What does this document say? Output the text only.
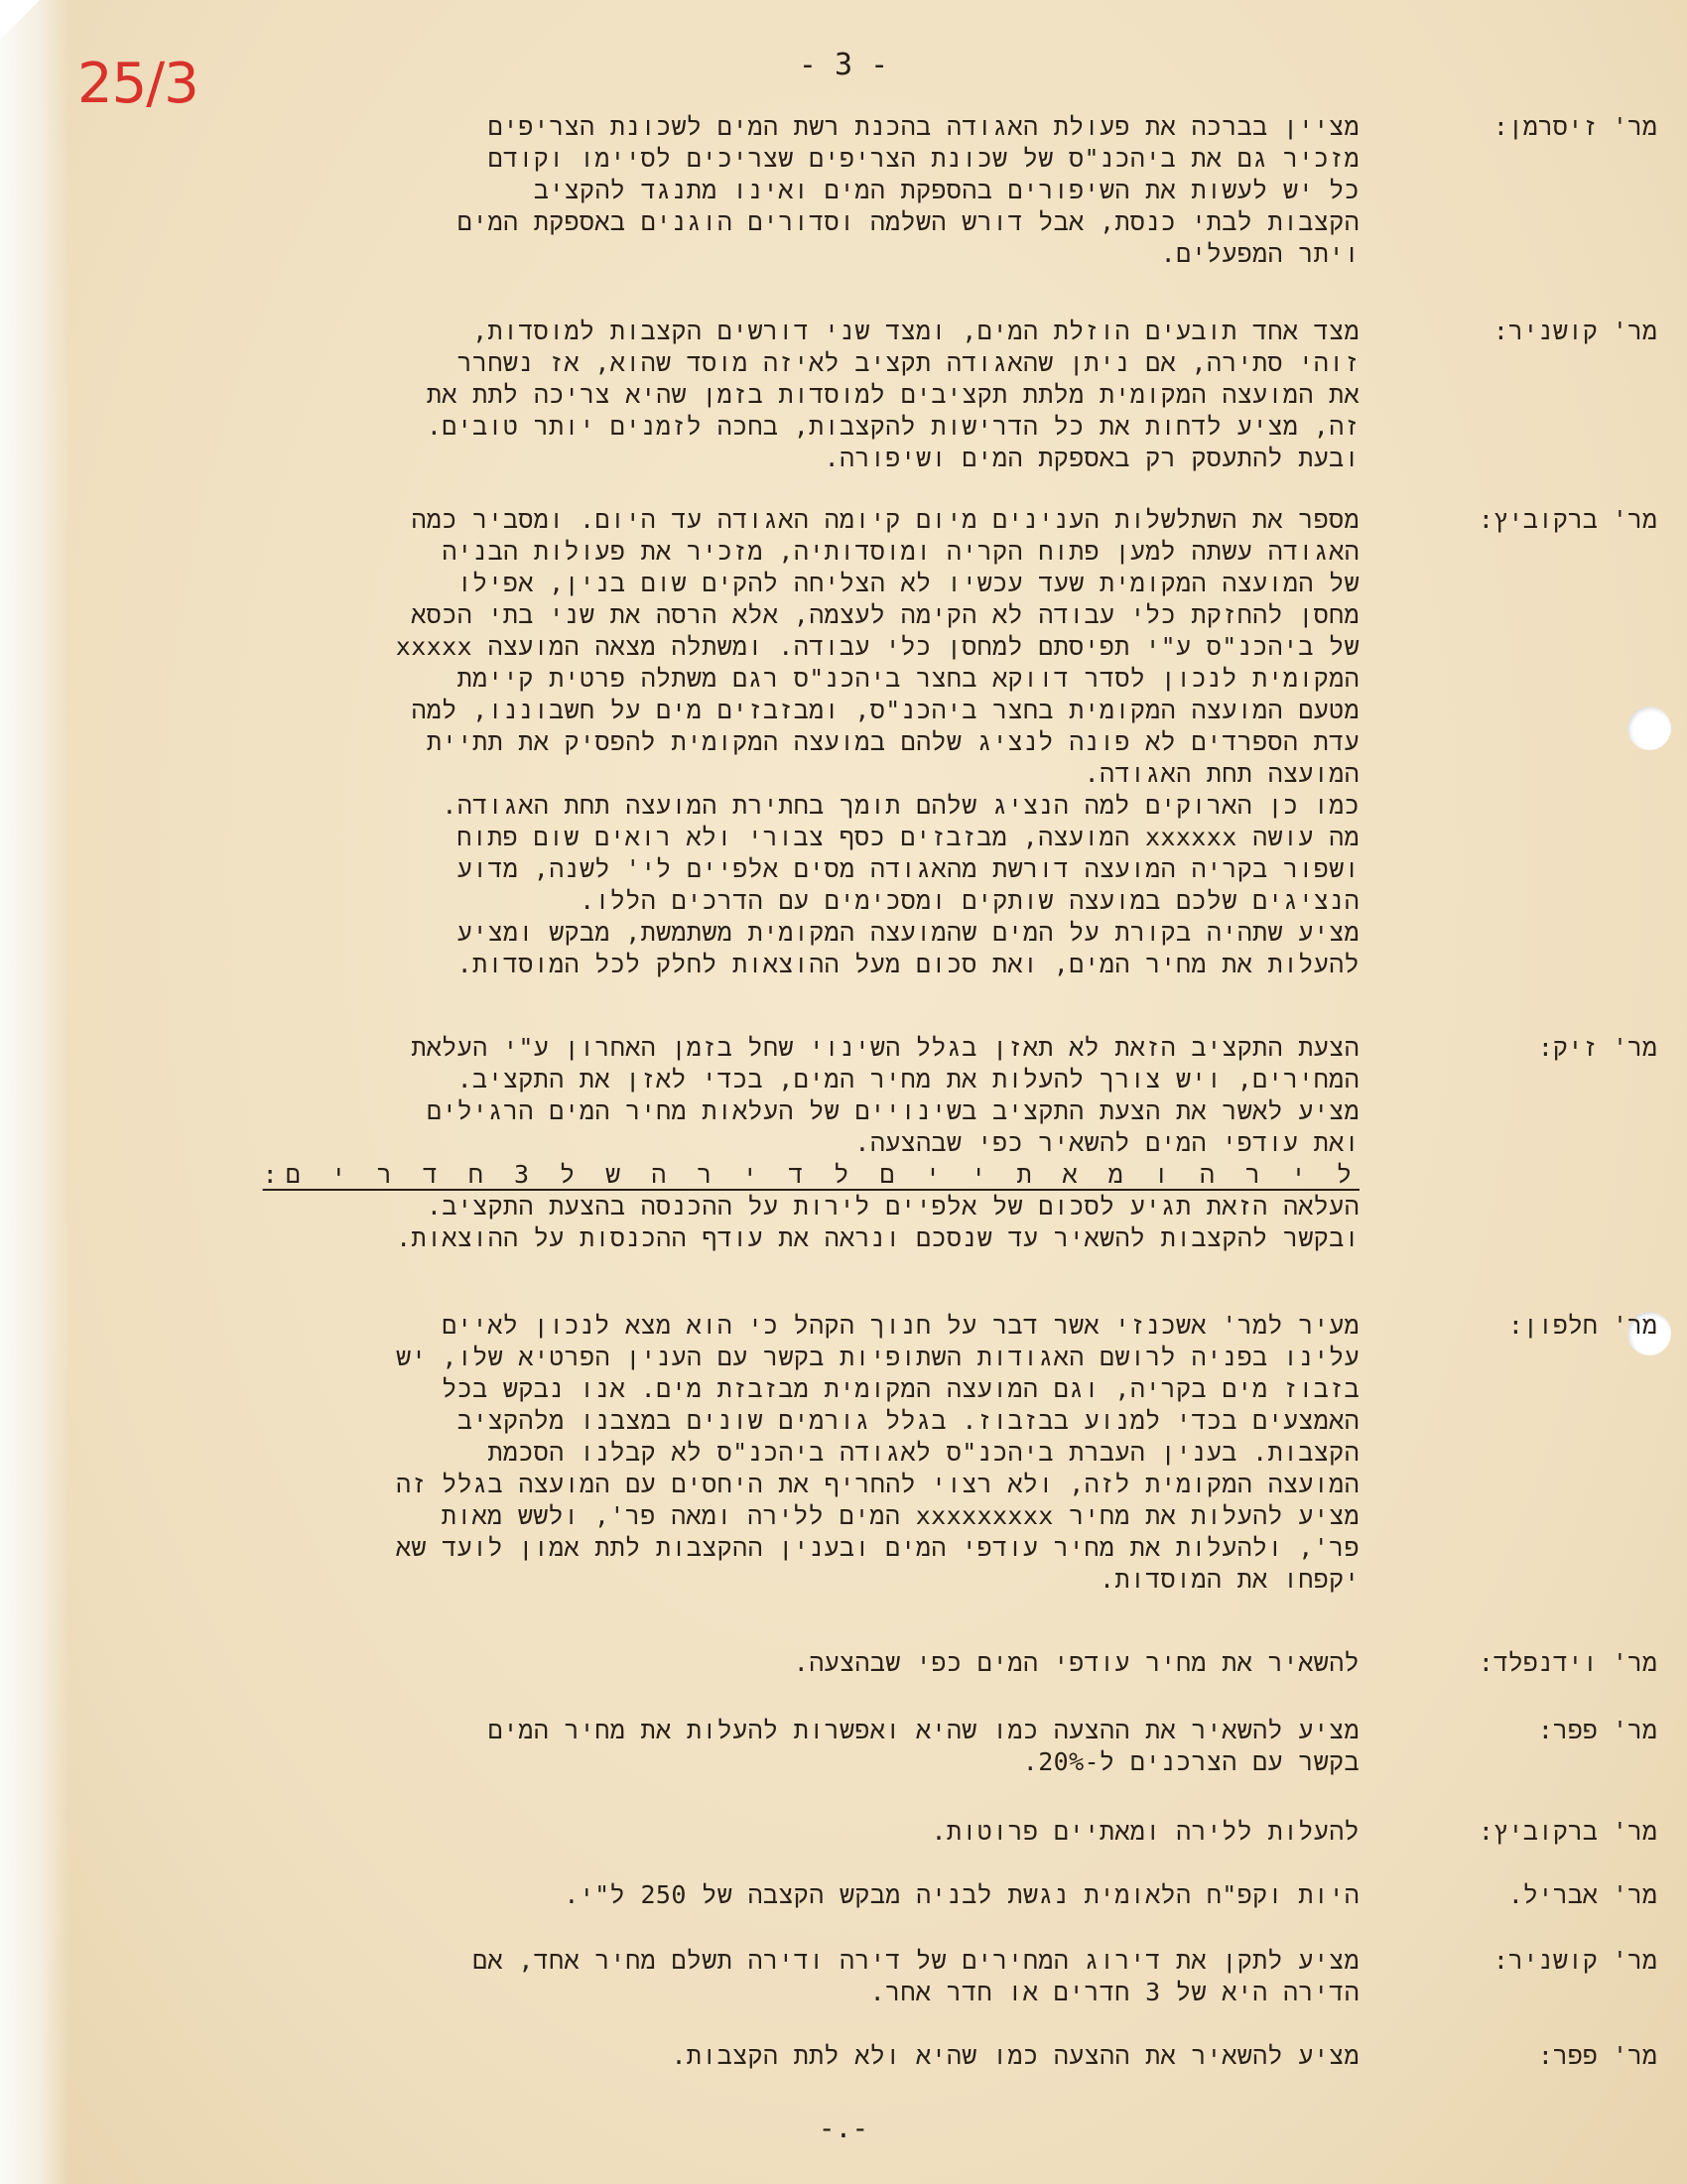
25/3	- 3 -
מר' זיסרמן:
מציין בברכה את פעולת האגודה בהכנת רשת המים לשכונת הצריפים
מזכיר גם את ביהכנ"ס של שכונת הצריפים שצריכים לסיימו וקודם
כל יש לעשות את השיפורים בהספקת המים ואינו מתנגד להקציב
הקצבות לבתי כנסת, אבל דורש השלמה וסדורים הוגנים באספקת המים
ויתר המפעלים.
מר' קושניר:
מצד אחד תובעים הוזלת המים, ומצד שני דורשים הקצבות למוסדות,
זוהי סתירה, אם ניתן שהאגודה תקציב לאיזה מוסד שהוא, אז נשחרר
את המועצה המקומית מלתת תקציבים למוסדות בזמן שהיא צריכה לתת את
זה, מציע לדחות את כל הדרישות להקצבות, בחכה לזמנים יותר טובים.
ובעת להתעסק רק באספקת המים ושיפורה.
מר' ברקוביץ:
מספר את השתלשלות הענינים מיום קיומה האגודה עד היום. ומסביר כמה
האגודה עשתה למען פתוח הקריה ומוסדותיה, מזכיר את פעולות הבניה
של המועצה המקומית שעד עכשיו לא הצליחה להקים שום בנין, אפילו
מחסן להחזקת כלי עבודה לא הקימה לעצמה, אלא הרסה את שני בתי הכסא
של ביהכנ"ס ע"י תפיסתם למחסן כלי עבודה. ומשתלה מצאה המועצה xxxxx
המקומית לנכון לסדר דווקא בחצר ביהכנ"ס רגם משתלה פרטית קיימת
מטעם המועצה המקומית בחצר ביהכנ"ס, ומבזבזים מים על חשבוננו, למה
עדת הספרדים לא פונה לנציג שלהם במועצה המקומית להפסיק את תתיית
המועצה תחת האגודה.
כמו כן הארוקים למה הנציג שלהם תומך בחתירת המועצה תחת האגודה.
מה עושה xxxxxx המועצה, מבזבזים כסף צבורי ולא רואים שום פתוח
ושפור בקריה המועצה דורשת מהאגודה מסים אלפיים לי' לשנה, מדוע
הנציגים שלכם במועצה שותקים ומסכימים עם הדרכים הללו.
מציע שתהיה בקורת על המים שהמועצה המקומית משתמשת, מבקש ומציע
להעלות את מחיר המים, ואת סכום מעל ההוצאות לחלק לכל המוסדות.
מר' זיק:
הצעת התקציב הזאת לא תאזן בגלל השינוי שחל בזמן האחרון ע"י העלאת
המחירים, ויש צורך להעלות את מחיר המים, בכדי לאזן את התקציב.
מציע לאשר את הצעת התקציב בשינויים של העלאות מחיר המים הרגילים
ואת עודפי המים להשאיר כפי שבהצעה.
ל י ר ה ו מ א ת י י ם ל ד י ר ה ש ל 3 ח ד ר י ם:
העלאה הזאת תגיע לסכום של אלפיים לירות על ההכנסה בהצעת התקציב.
ובקשר להקצבות להשאיר עד שנסכם ונראה את עודף ההכנסות על ההוצאות.
מר' חלפון:
מעיר למר' אשכנזי אשר דבר על חנוך הקהל כי הוא מצא לנכון לאיים
עלינו בפניה לרושם האגודות השתופיות בקשר עם הענין הפרטיא שלו, יש
בזבוז מים בקריה, וגם המועצה המקומית מבזבזת מים. אנו נבקש בכל
האמצעים בכדי למנוע בבזבוז. בגלל גורמים שונים במצבנו מלהקציב
הקצבות. בענין העברת ביהכנ"ס לאגודה ביהכנ"ס לא קבלנו הסכמת
המועצה המקומית לזה, ולא רצוי להחריף את היחסים עם המועצה בגלל זה
מציע להעלות את מחיר xxxxxxxxx המים ללירה ומאה פר', ולשש מאות
פר', ולהעלות את מחיר עודפי המים ובענין ההקצבות לתת אמון לועד שא
יקפחו את המוסדות.
מר' וידנפלד:
להשאיר את מחיר עודפי המים כפי שבהצעה.
מר' פפר:
מציע להשאיר את ההצעה כמו שהיא ואפשרות להעלות את מחיר המים
בקשר עם הצרכנים ל-20%.
מר' ברקוביץ:
להעלות ללירה ומאתיים פרוטות.
מר' אבריל.
היות וקפ"ח הלאומית נגשת לבניה מבקש הקצבה של 250 ל"י.
מר' קושניר:
מציע לתקן את דירוג המחירים של דירה ודירה תשלם מחיר אחד, אם
הדירה היא של 3 חדרים או חדר אחר.
מר' פפר:
מציע להשאיר את ההצעה כמו שהיא ולא לתת הקצבות.
-.-
